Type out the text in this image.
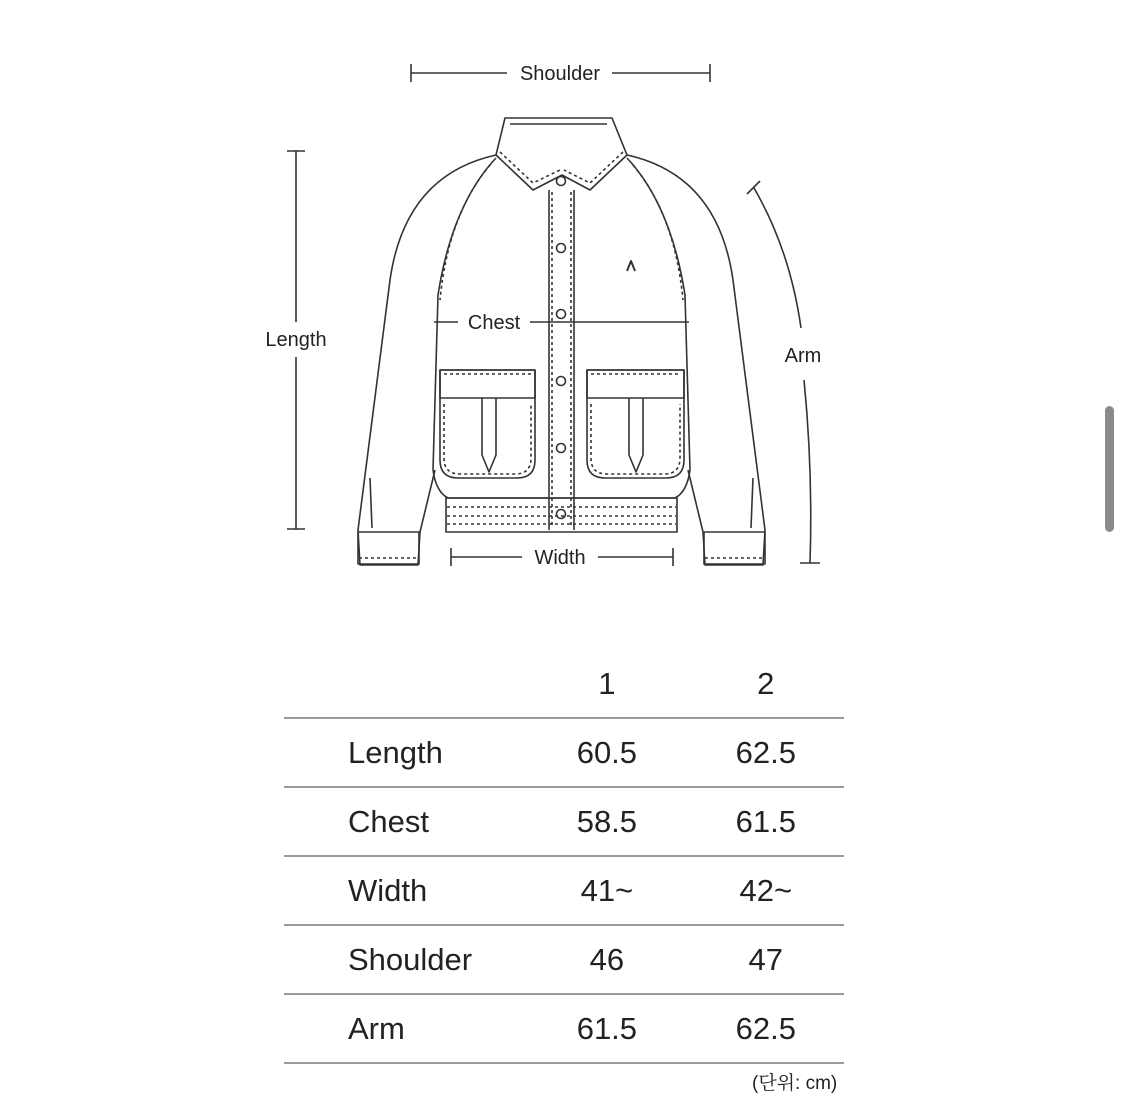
Shoulder
Length
Chest
Arm
Width
	1	2
Length	60.5	62.5
Chest	58.5	61.5
Width	41~	42~
Shoulder	46	47
Arm	61.5	62.5
(단위: cm)
